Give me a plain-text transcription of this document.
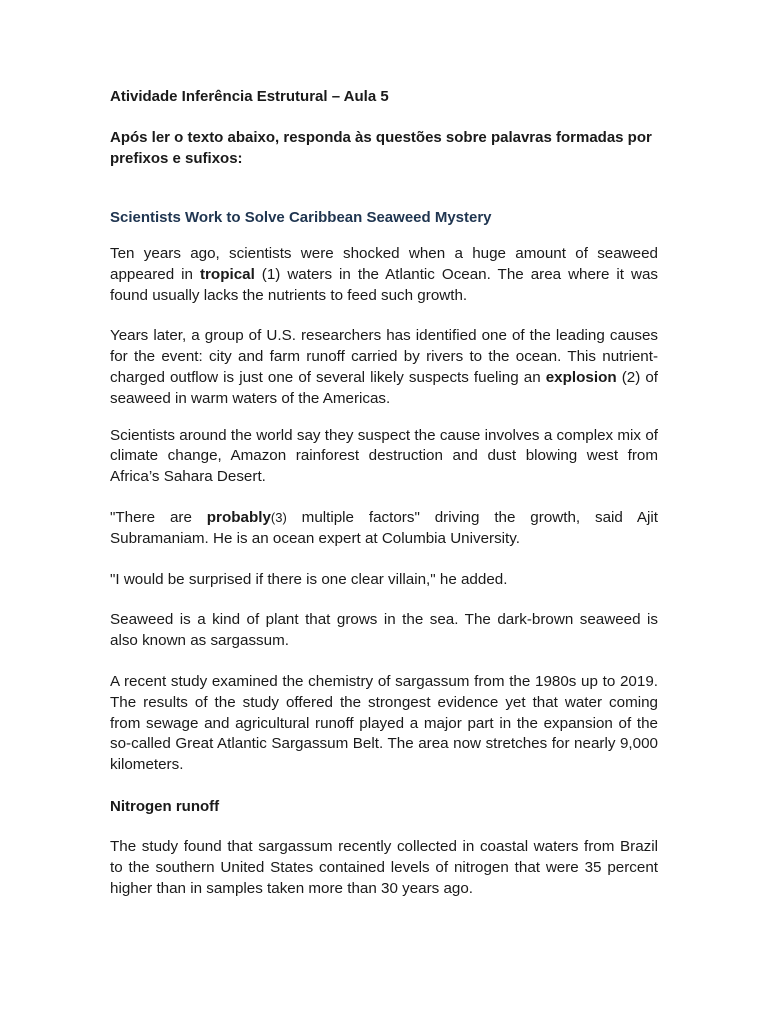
Atividade Inferência Estrutural – Aula 5
Após ler o texto abaixo, responda às questões sobre palavras formadas por prefixos e sufixos:
Scientists Work to Solve Caribbean Seaweed Mystery
Ten years ago, scientists were shocked when a huge amount of seaweed appeared in tropical (1) waters in the Atlantic Ocean. The area where it was found usually lacks the nutrients to feed such growth.
Years later, a group of U.S. researchers has identified one of the leading causes for the event: city and farm runoff carried by rivers to the ocean. This nutrient-charged outflow is just one of several likely suspects fueling an explosion (2) of seaweed in warm waters of the Americas.
Scientists around the world say they suspect the cause involves a complex mix of climate change, Amazon rainforest destruction and dust blowing west from Africa’s Sahara Desert.
"There are probably(3) multiple factors" driving the growth, said Ajit Subramaniam. He is an ocean expert at Columbia University.
"I would be surprised if there is one clear villain," he added.
Seaweed is a kind of plant that grows in the sea. The dark-brown seaweed is also known as sargassum.
A recent study examined the chemistry of sargassum from the 1980s up to 2019. The results of the study offered the strongest evidence yet that water coming from sewage and agricultural runoff played a major part in the expansion of the so-called Great Atlantic Sargassum Belt. The area now stretches for nearly 9,000 kilometers.
Nitrogen runoff
The study found that sargassum recently collected in coastal waters from Brazil to the southern United States contained levels of nitrogen that were 35 percent higher than in samples taken more than 30 years ago.
